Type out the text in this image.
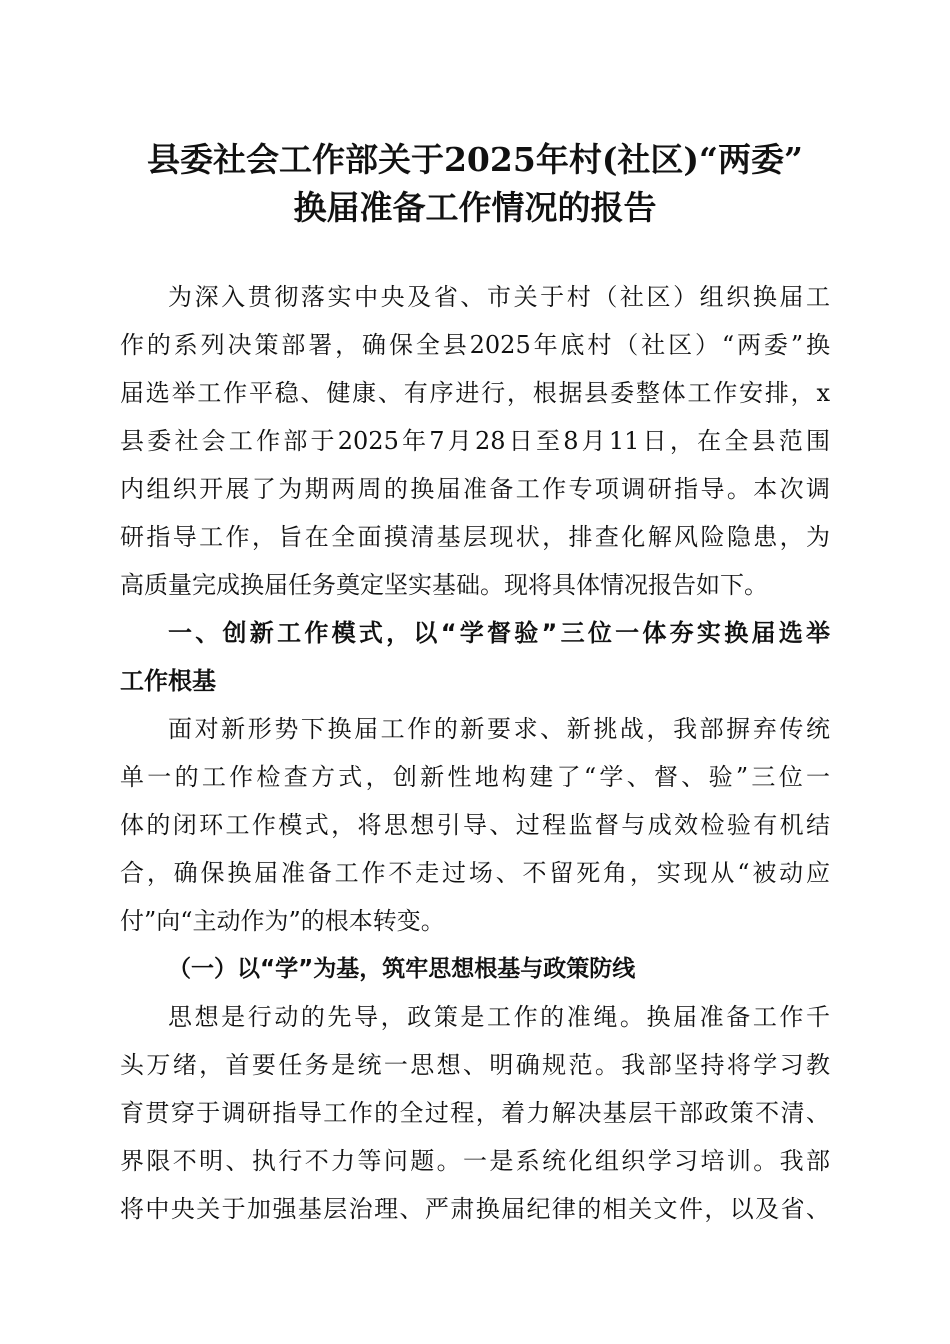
县委社会工作部关于2025年村(社区)“两委”
换届准备工作情况的报告
为深入贯彻落实中央及省、市关于村（社区）组织换届工
作的系列决策部署，确保全县2025年底村（社区）“两委”换
届选举工作平稳、健康、有序进行，根据县委整体工作安排，x
县委社会工作部于2025年7月28日至8月11日，在全县范围
内组织开展了为期两周的换届准备工作专项调研指导。本次调
研指导工作，旨在全面摸清基层现状，排查化解风险隐患，为
高质量完成换届任务奠定坚实基础。现将具体情况报告如下。
一、创新工作模式，以“学督验”三位一体夯实换届选举
工作根基
面对新形势下换届工作的新要求、新挑战，我部摒弃传统
单一的工作检查方式，创新性地构建了“学、督、验”三位一
体的闭环工作模式，将思想引导、过程监督与成效检验有机结
合，确保换届准备工作不走过场、不留死角，实现从“被动应
付”向“主动作为”的根本转变。
（一）以“学”为基，筑牢思想根基与政策防线
思想是行动的先导，政策是工作的准绳。换届准备工作千
头万绪，首要任务是统一思想、明确规范。我部坚持将学习教
育贯穿于调研指导工作的全过程，着力解决基层干部政策不清、
界限不明、执行不力等问题。一是系统化组织学习培训。我部
将中央关于加强基层治理、严肃换届纪律的相关文件，以及省、
